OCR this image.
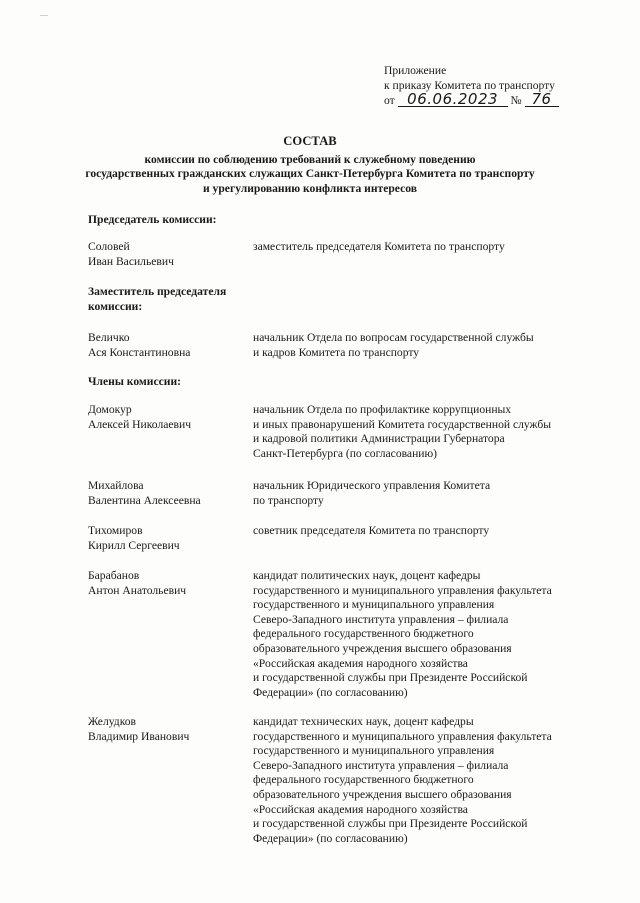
—
Приложение
к приказу Комитета по транспорту
от 06.06.2023 № 76
СОСТАВ
комиссии по соблюдению требований к служебному поведению
государственных гражданских служащих Санкт-Петербурга Комитета по транспорту
и урегулированию конфликта интересов
Председатель комиссии:
Соловей
Иван Васильевич
заместитель председателя Комитета по транспорту
Заместитель председателя
комиссии:
Величко
Ася Константиновна
начальник Отдела по вопросам государственной службы
и кадров Комитета по транспорту
Члены комиссии:
Домокур
Алексей Николаевич
начальник Отдела по профилактике коррупционных
и иных правонарушений Комитета государственной службы
и кадровой политики Администрации Губернатора
Санкт-Петербурга (по согласованию)
Михайлова
Валентина Алексеевна
начальник Юридического управления Комитета
по транспорту
Тихомиров
Кирилл Сергеевич
советник председателя Комитета по транспорту
Барабанов
Антон Анатольевич
кандидат политических наук, доцент кафедры
государственного и муниципального управления факультета
государственного и муниципального управления
Северо-Западного института управления – филиала
федерального государственного бюджетного
образовательного учреждения высшего образования
«Российская академия народного хозяйства
и государственной службы при Президенте Российской
Федерации» (по согласованию)
Желудков
Владимир Иванович
кандидат технических наук, доцент кафедры
государственного и муниципального управления факультета
государственного и муниципального управления
Северо-Западного института управления – филиала
федерального государственного бюджетного
образовательного учреждения высшего образования
«Российская академия народного хозяйства
и государственной службы при Президенте Российской
Федерации» (по согласованию)
